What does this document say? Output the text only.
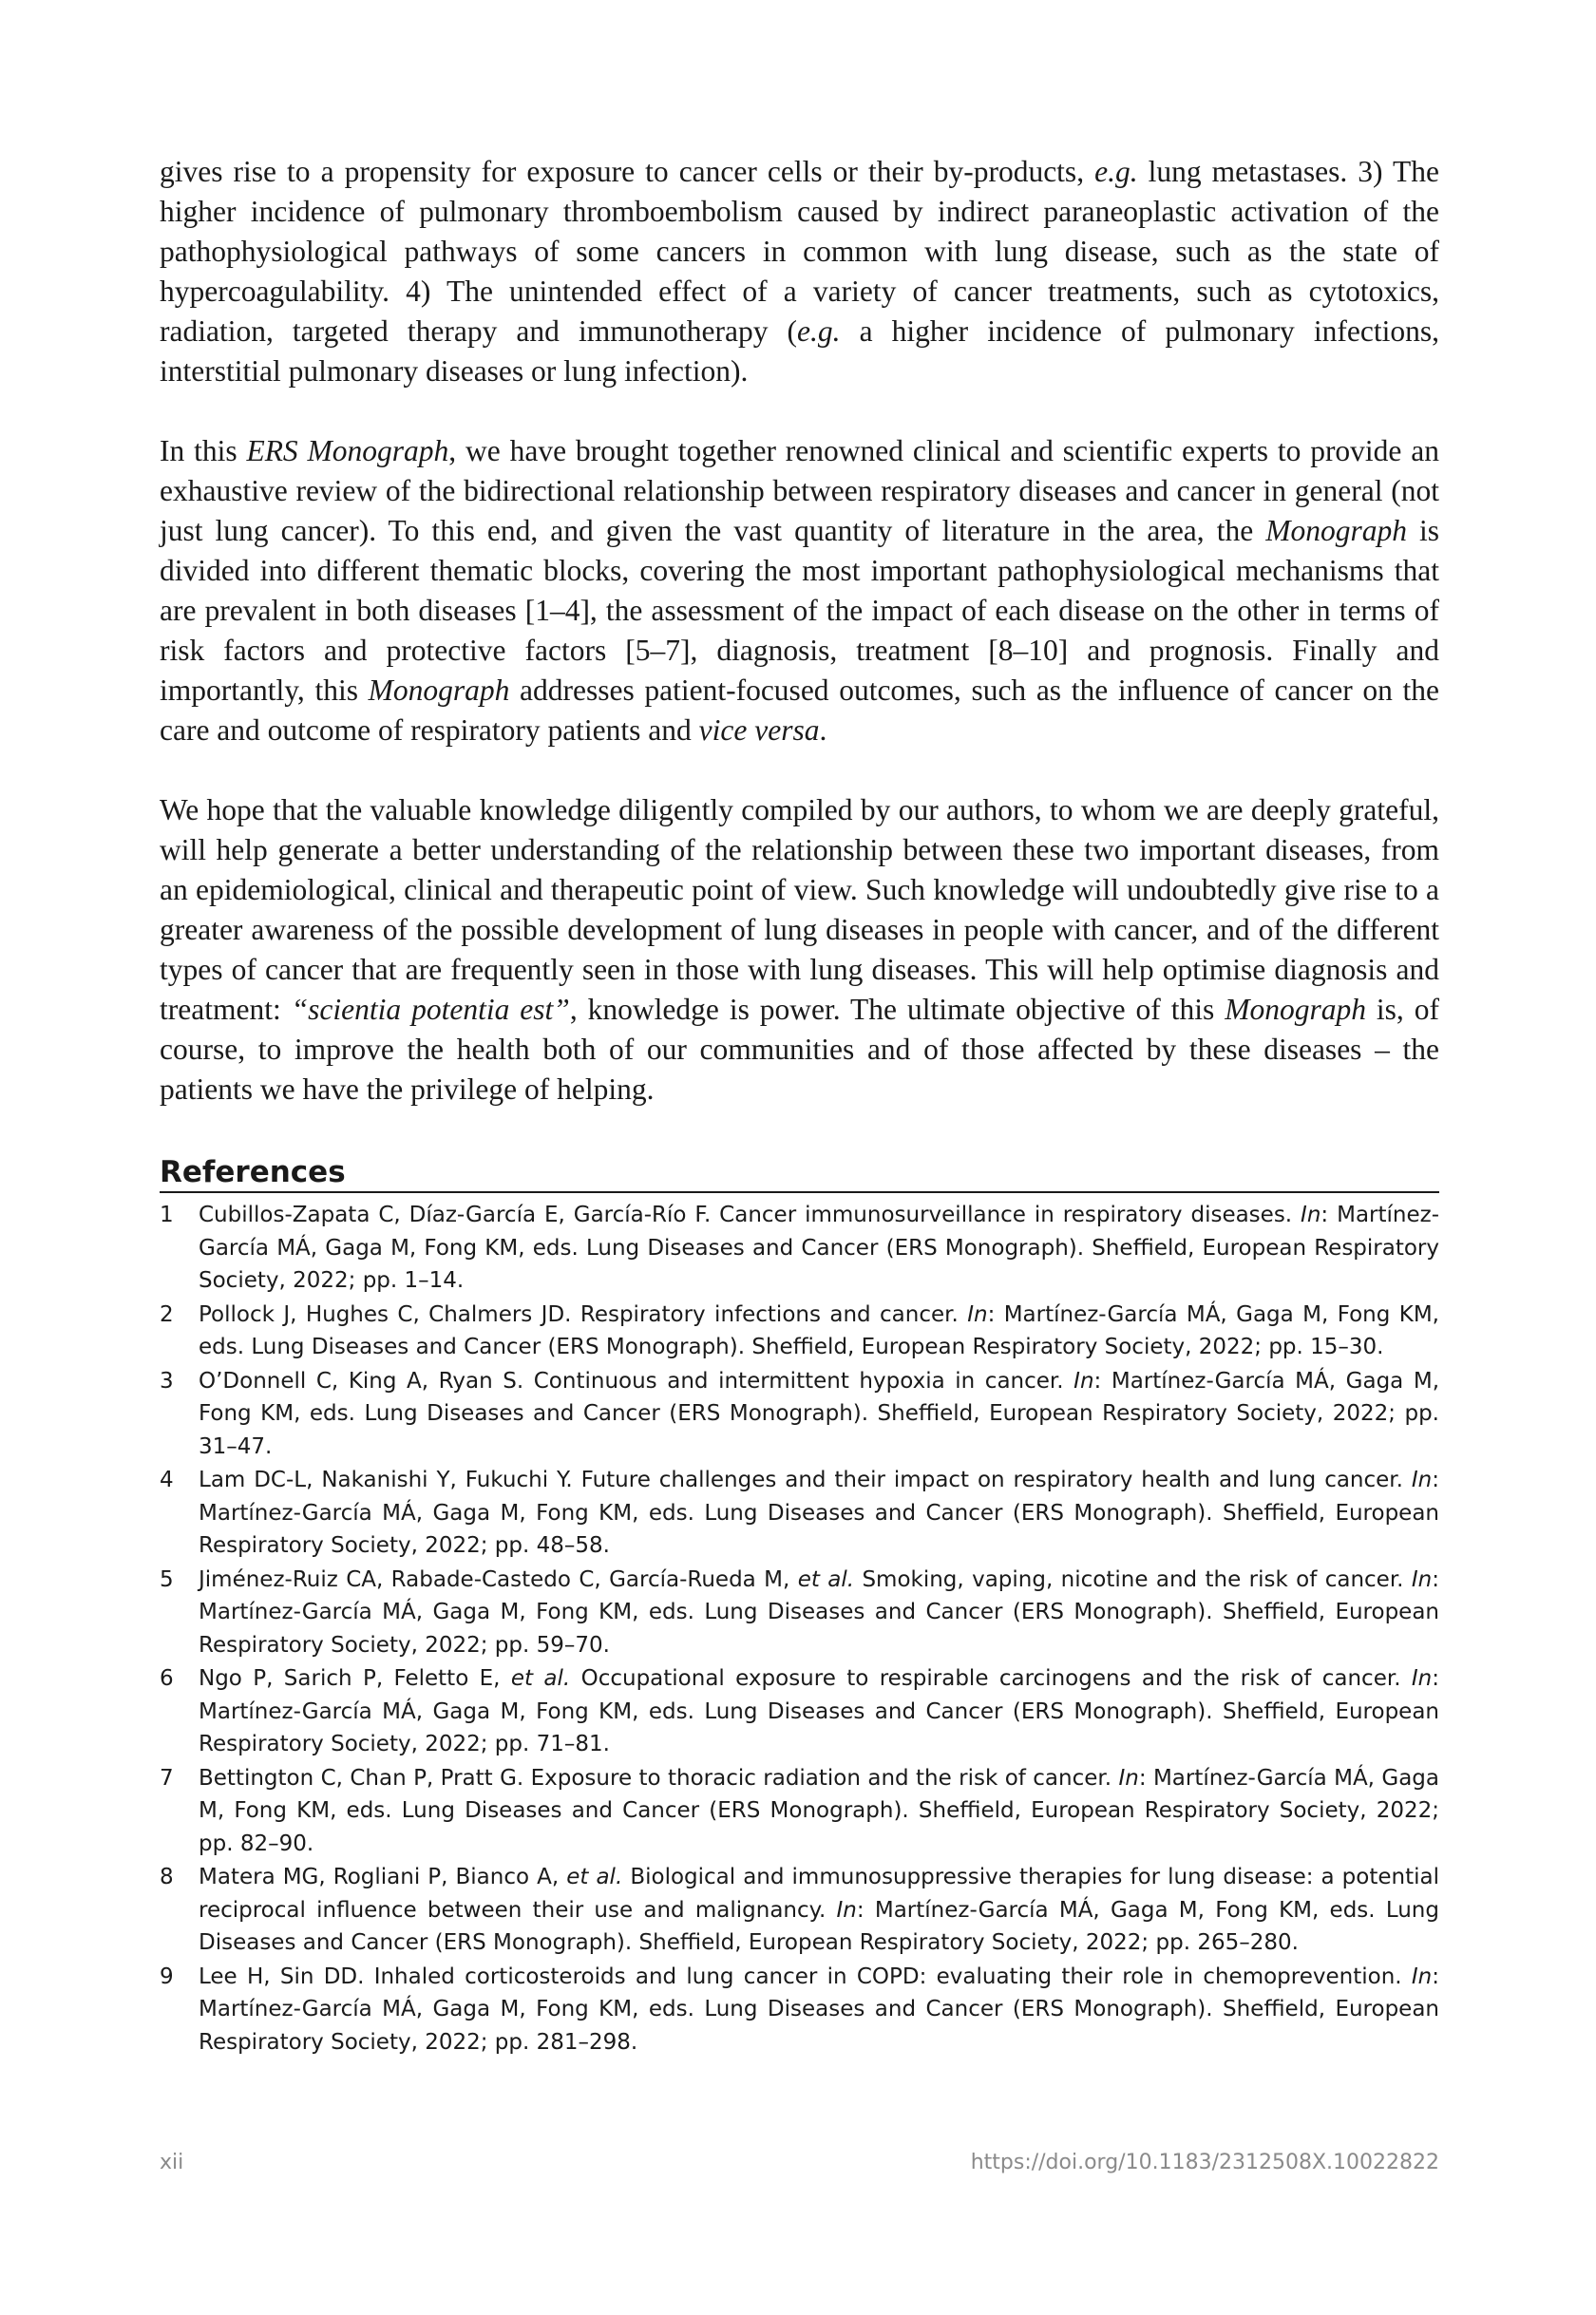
gives rise to a propensity for exposure to cancer cells or their by-products, e.g. lung metastases. 3) The higher incidence of pulmonary thromboembolism caused by indirect paraneoplastic activation of the pathophysiological pathways of some cancers in common with lung disease, such as the state of hypercoagulability. 4) The unintended effect of a variety of cancer treatments, such as cytotoxics, radiation, targeted therapy and immunotherapy (e.g. a higher incidence of pulmonary infections, interstitial pulmonary diseases or lung infection).

In this ERS Monograph, we have brought together renowned clinical and scientific experts to provide an exhaustive review of the bidirectional relationship between respiratory diseases and cancer in general (not just lung cancer). To this end, and given the vast quantity of literature in the area, the Monograph is divided into different thematic blocks, covering the most important pathophysiological mechanisms that are prevalent in both diseases [1–4], the assessment of the impact of each disease on the other in terms of risk factors and protective factors [5–7], diagnosis, treatment [8–10] and prognosis. Finally and importantly, this Monograph addresses patient-focused outcomes, such as the influence of cancer on the care and outcome of respiratory patients and vice versa.

We hope that the valuable knowledge diligently compiled by our authors, to whom we are deeply grateful, will help generate a better understanding of the relationship between these two important diseases, from an epidemiological, clinical and therapeutic point of view. Such knowledge will undoubtedly give rise to a greater awareness of the possible development of lung diseases in people with cancer, and of the different types of cancer that are frequently seen in those with lung diseases. This will help optimise diagnosis and treatment: “scientia potentia est”, knowledge is power. The ultimate objective of this Monograph is, of course, to improve the health both of our communities and of those affected by these diseases – the patients we have the privilege of helping.

References
1	Cubillos-Zapata C, Díaz-García E, García-Río F. Cancer immunosurveillance in respiratory diseases. In: Martínez-García MÁ, Gaga M, Fong KM, eds. Lung Diseases and Cancer (ERS Monograph). Sheffield, European Respiratory Society, 2022; pp. 1–14.
2	Pollock J, Hughes C, Chalmers JD. Respiratory infections and cancer. In: Martínez-García MÁ, Gaga M, Fong KM, eds. Lung Diseases and Cancer (ERS Monograph). Sheffield, European Respiratory Society, 2022; pp. 15–30.
3	O’Donnell C, King A, Ryan S. Continuous and intermittent hypoxia in cancer. In: Martínez-García MÁ, Gaga M, Fong KM, eds. Lung Diseases and Cancer (ERS Monograph). Sheffield, European Respiratory Society, 2022; pp. 31–47.
4	Lam DC-L, Nakanishi Y, Fukuchi Y. Future challenges and their impact on respiratory health and lung cancer. In: Martínez-García MÁ, Gaga M, Fong KM, eds. Lung Diseases and Cancer (ERS Monograph). Sheffield, European Respiratory Society, 2022; pp. 48–58.
5	Jiménez-Ruiz CA, Rabade-Castedo C, García-Rueda M, et al. Smoking, vaping, nicotine and the risk of cancer. In: Martínez-García MÁ, Gaga M, Fong KM, eds. Lung Diseases and Cancer (ERS Monograph). Sheffield, European Respiratory Society, 2022; pp. 59–70.
6	Ngo P, Sarich P, Feletto E, et al. Occupational exposure to respirable carcinogens and the risk of cancer. In: Martínez-García MÁ, Gaga M, Fong KM, eds. Lung Diseases and Cancer (ERS Monograph). Sheffield, European Respiratory Society, 2022; pp. 71–81.
7	Bettington C, Chan P, Pratt G. Exposure to thoracic radiation and the risk of cancer. In: Martínez-García MÁ, Gaga M, Fong KM, eds. Lung Diseases and Cancer (ERS Monograph). Sheffield, European Respiratory Society, 2022; pp. 82–90.
8	Matera MG, Rogliani P, Bianco A, et al. Biological and immunosuppressive therapies for lung disease: a potential reciprocal influence between their use and malignancy. In: Martínez-García MÁ, Gaga M, Fong KM, eds. Lung Diseases and Cancer (ERS Monograph). Sheffield, European Respiratory Society, 2022; pp. 265–280.
9	Lee H, Sin DD. Inhaled corticosteroids and lung cancer in COPD: evaluating their role in chemoprevention. In: Martínez-García MÁ, Gaga M, Fong KM, eds. Lung Diseases and Cancer (ERS Monograph). Sheffield, European Respiratory Society, 2022; pp. 281–298.
xii	https://doi.org/10.1183/2312508X.10022822
